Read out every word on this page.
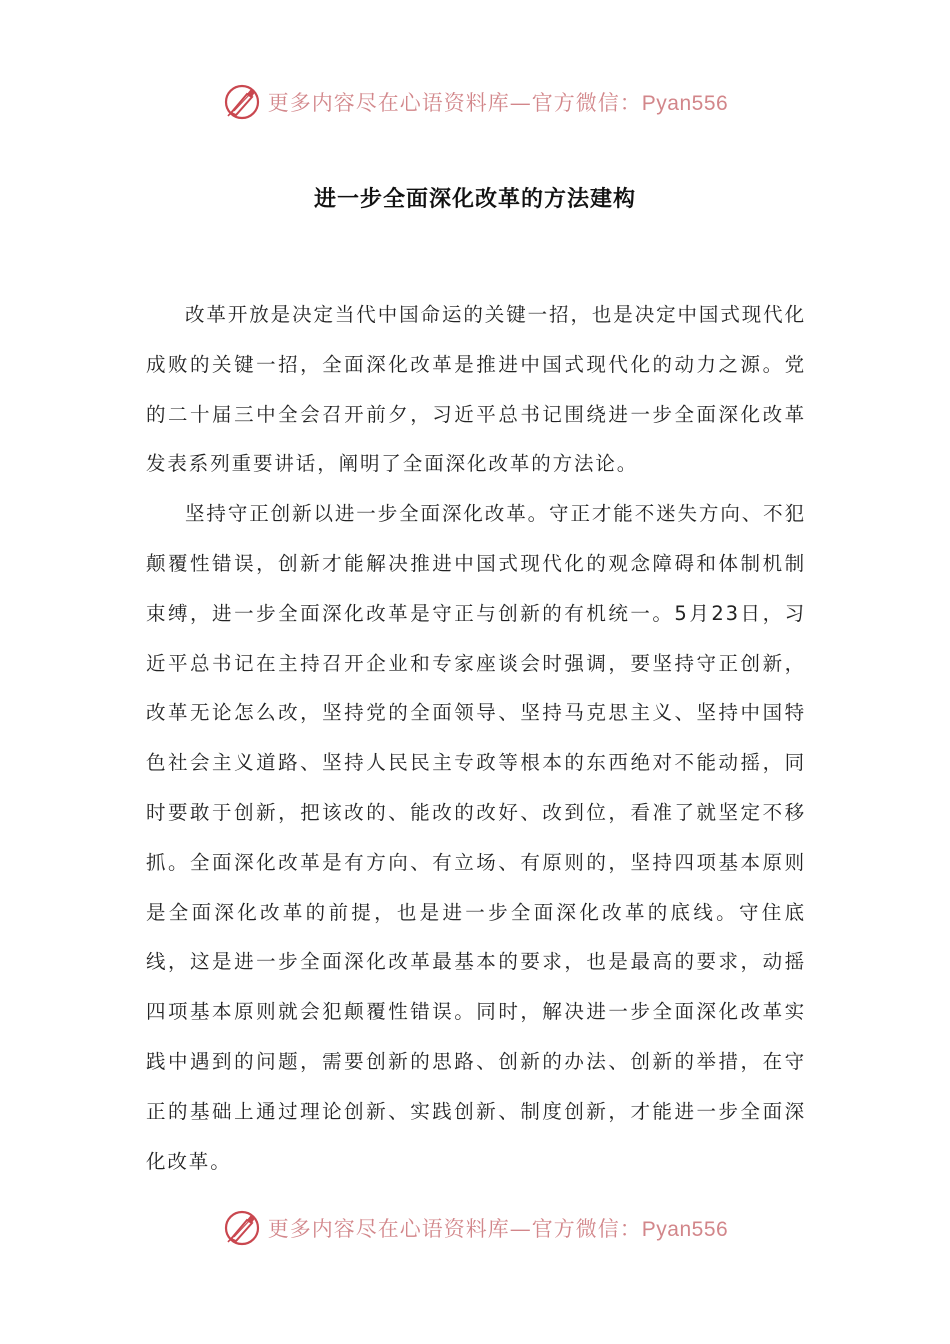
更多内容尽在心语资料库—官方微信：Pyan556
进一步全面深化改革的方法建构

改革开放是决定当代中国命运的关键一招，也是决定中国式现代化成败的关键一招，全面深化改革是推进中国式现代化的动力之源。党的二十届三中全会召开前夕，习近平总书记围绕进一步全面深化改革发表系列重要讲话，阐明了全面深化改革的方法论。

坚持守正创新以进一步全面深化改革。守正才能不迷失方向、不犯颠覆性错误，创新才能解决推进中国式现代化的观念障碍和体制机制束缚，进一步全面深化改革是守正与创新的有机统一。5月23日，习近平总书记在主持召开企业和专家座谈会时强调，要坚持守正创新，改革无论怎么改，坚持党的全面领导、坚持马克思主义、坚持中国特色社会主义道路、坚持人民民主专政等根本的东西绝对不能动摇，同时要敢于创新，把该改的、能改的改好、改到位，看准了就坚定不移抓。全面深化改革是有方向、有立场、有原则的，坚持四项基本原则是全面深化改革的前提，也是进一步全面深化改革的底线。守住底线，这是进一步全面深化改革最基本的要求，也是最高的要求，动摇四项基本原则就会犯颠覆性错误。同时，解决进一步全面深化改革实践中遇到的问题，需要创新的思路、创新的办法、创新的举措，在守正的基础上通过理论创新、实践创新、制度创新，才能进一步全面深化改革。

更多内容尽在心语资料库—官方微信：Pyan556
